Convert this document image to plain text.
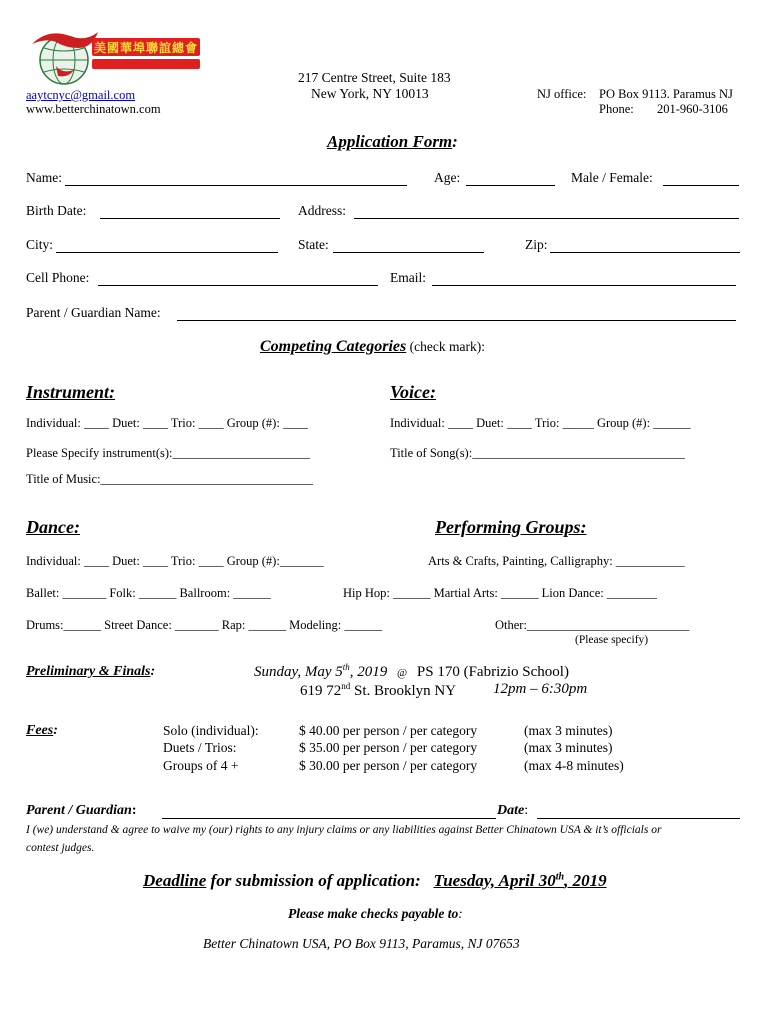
美國華埠聯誼總會
aaytcnyc@gmail.com
www.betterchinatown.com
217 Centre Street, Suite 183
New York, NY 10013	NJ office: PO Box 9113. Paramus NJ
Phone: 201-960-3106
Application Form:
Name:	Age:	Male / Female:
Birth Date:	Address:
City:	State:	Zip:
Cell Phone:	Email:
Parent / Guardian Name:
Competing Categories (check mark):
Instrument:
Individual: ____ Duet: ____ Trio: ____ Group (#): ____
Please Specify instrument(s):______________________
Title of Music:__________________________________
Voice:
Individual: ____ Duet: ____ Trio: _____ Group (#): ______
Title of Song(s):__________________________________
Dance:
Individual: ____ Duet: ____ Trio: ____ Group (#):_______
Ballet: _______ Folk: ______ Ballroom: ______
Drums:______ Street Dance: _______ Rap: ______ Modeling: ______
Performing Groups:
Arts & Crafts, Painting, Calligraphy: ___________
Hip Hop: ______ Martial Arts: ______ Lion Dance: ________
Other:__________________________
(Please specify)
Preliminary & Finals:	Sunday, May 5th, 2019 @ PS 170 (Fabrizio School)
619 72nd St. Brooklyn NY 12pm – 6:30pm
Fees:	Solo (individual):	$ 40.00 per person / per category	(max 3 minutes)
Duets / Trios:	$ 35.00 per person / per category	(max 3 minutes)
Groups of 4 +	$ 30.00 per person / per category	(max 4-8 minutes)
Parent / Guardian:	Date:
I (we) understand & agree to waive my (our) rights to any injury claims or any liabilities against Better Chinatown USA & it’s officials or
contest judges.
Deadline for submission of application:   Tuesday, April 30th, 2019
Please make checks payable to:
Better Chinatown USA, PO Box 9113, Paramus, NJ 07653
